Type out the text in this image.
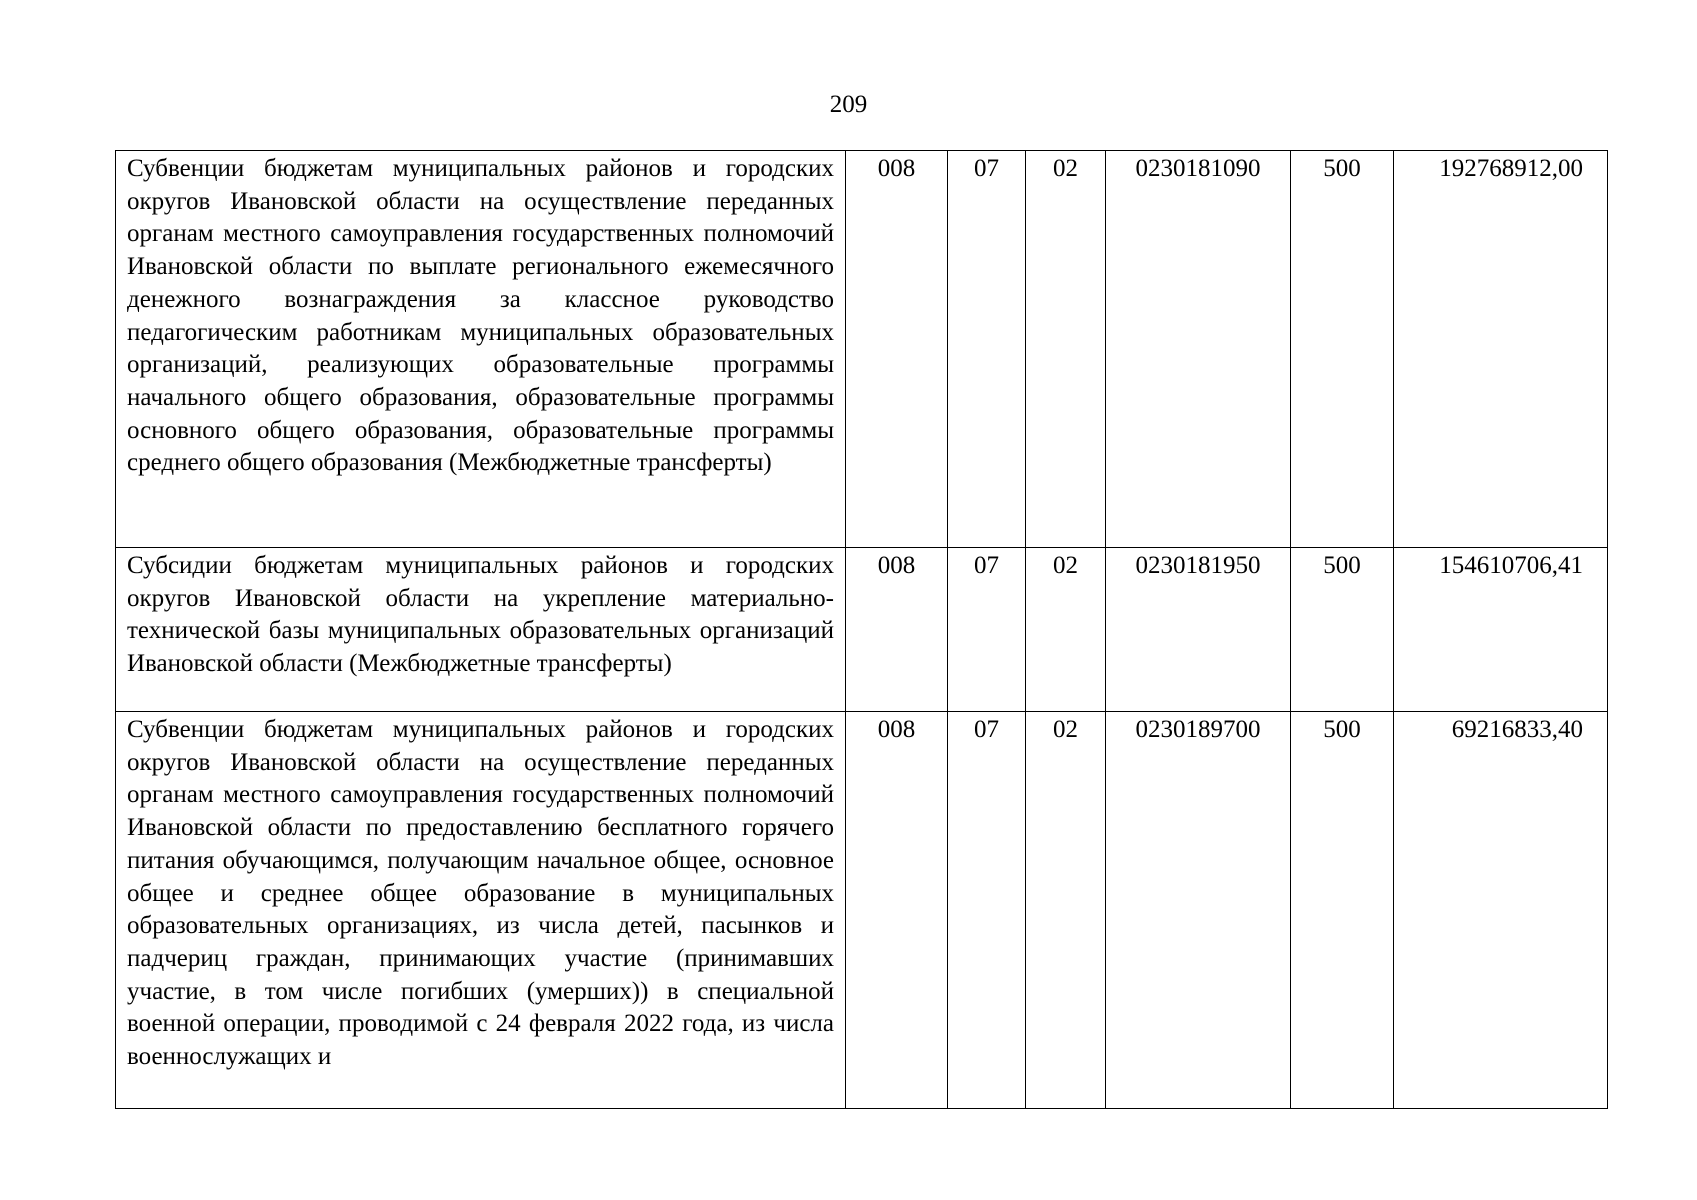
209
Субвенции бюджетам муниципальных районов и городских округов Ивановской области на осуществление переданных органам местного самоуправления государственных полномочий Ивановской области по выплате регионального ежемесячного денежного вознаграждения за классное руководство педагогическим работникам муниципальных образовательных организаций, реализующих образовательные программы начального общего образования, образовательные программы основного общего образования, образовательные программы среднего общего образования (Межбюджетные трансферты)	008	07	02	0230181090	500	192768912,00
Субсидии бюджетам муниципальных районов и городских округов Ивановской области на укрепление материально-технической базы муниципальных образовательных организаций Ивановской области (Межбюджетные трансферты)	008	07	02	0230181950	500	154610706,41
Субвенции бюджетам муниципальных районов и городских округов Ивановской области на осуществление переданных органам местного самоуправления государственных полномочий Ивановской области по предоставлению бесплатного горячего питания обучающимся, получающим начальное общее, основное общее и среднее общее образование в муниципальных образовательных организациях, из числа детей, пасынков и падчериц граждан, принимающих участие (принимавших участие, в том числе погибших (умерших)) в специальной военной операции, проводимой с 24 февраля 2022 года, из числа военнослужащих и	008	07	02	0230189700	500	69216833,40
